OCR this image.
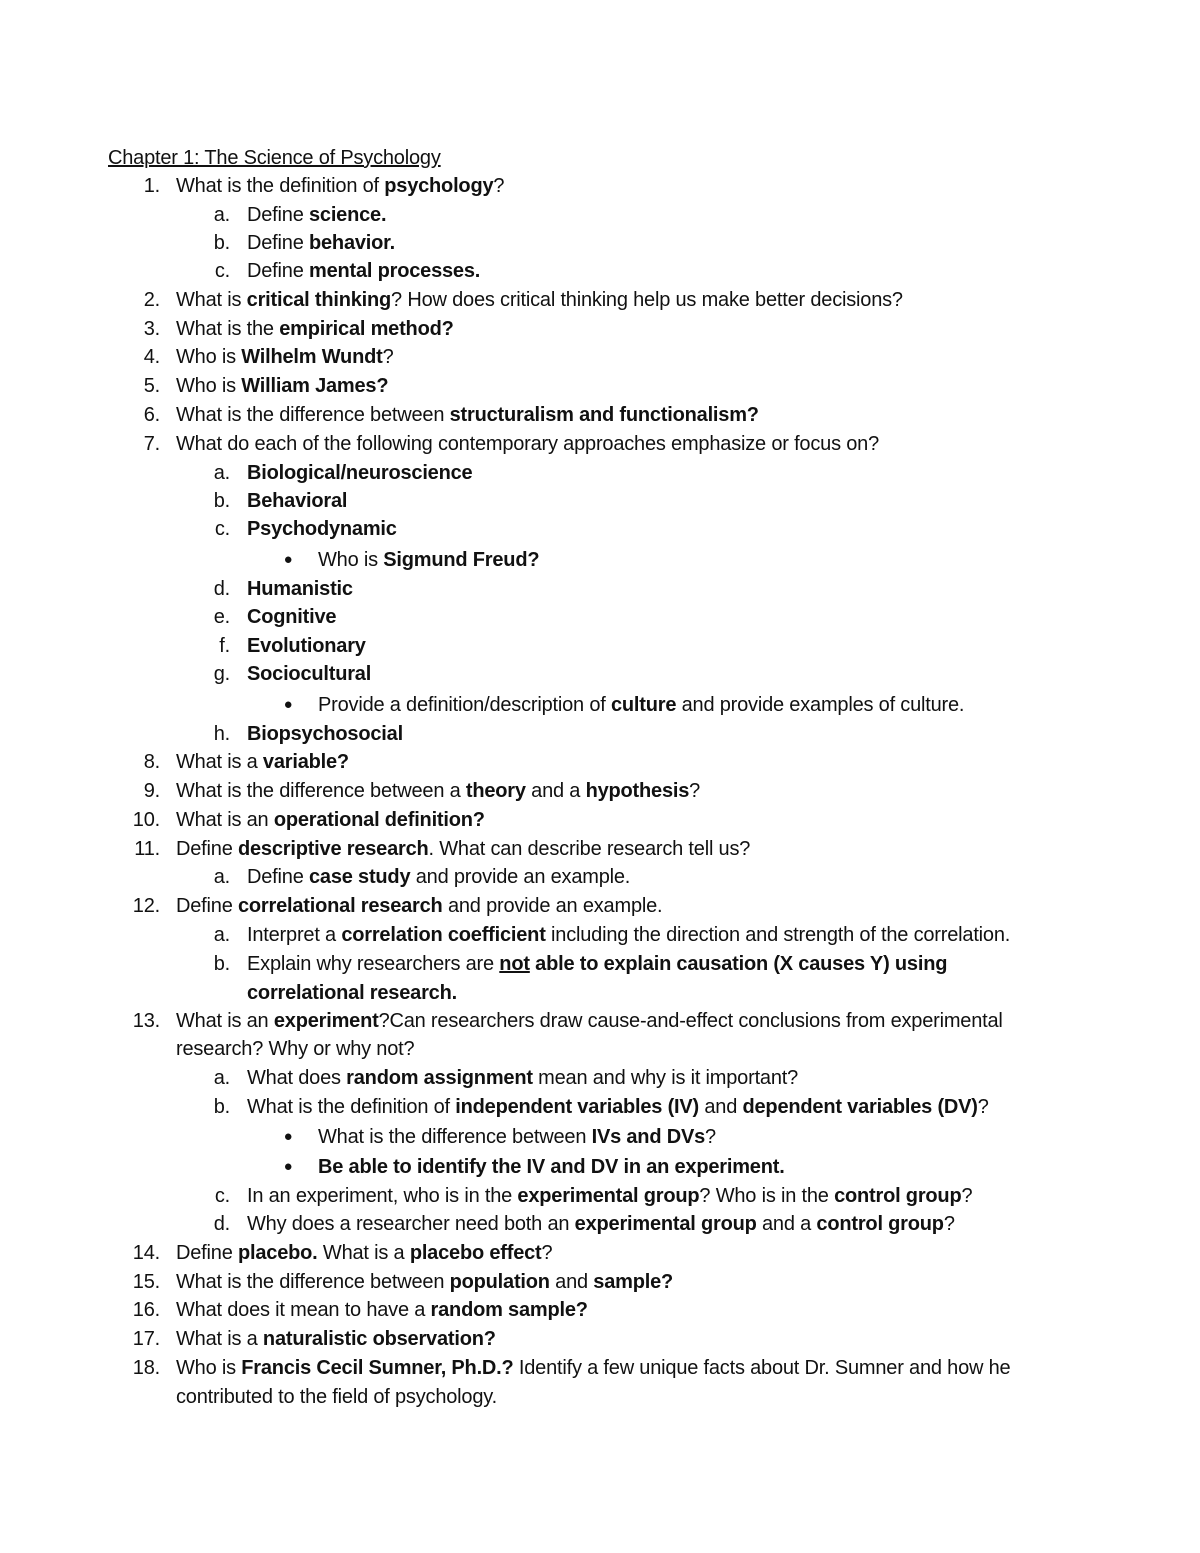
Chapter 1: The Science of Psychology
1. What is the definition of psychology?
a. Define science.
b. Define behavior.
c. Define mental processes.
2. What is critical thinking? How does critical thinking help us make better decisions?
3. What is the empirical method?
4. Who is Wilhelm Wundt?
5. Who is William James?
6. What is the difference between structuralism and functionalism?
7. What do each of the following contemporary approaches emphasize or focus on?
a. Biological/neuroscience
b. Behavioral
c. Psychodynamic
● Who is Sigmund Freud?
d. Humanistic
e. Cognitive
f. Evolutionary
g. Sociocultural
● Provide a definition/description of culture and provide examples of culture.
h. Biopsychosocial
8. What is a variable?
9. What is the difference between a theory and a hypothesis?
10. What is an operational definition?
11. Define descriptive research. What can describe research tell us?
a. Define case study and provide an example.
12. Define correlational research and provide an example.
a. Interpret a correlation coefficient including the direction and strength of the correlation.
b. Explain why researchers are not able to explain causation (X causes Y) using
correlational research.
13. What is an experiment?Can researchers draw cause-and-effect conclusions from experimental
research? Why or why not?
a. What does random assignment mean and why is it important?
b. What is the definition of independent variables (IV) and dependent variables (DV)?
● What is the difference between IVs and DVs?
● Be able to identify the IV and DV in an experiment.
c. In an experiment, who is in the experimental group? Who is in the control group?
d. Why does a researcher need both an experimental group and a control group?
14. Define placebo. What is a placebo effect?
15. What is the difference between population and sample?
16. What does it mean to have a random sample?
17. What is a naturalistic observation?
18. Who is Francis Cecil Sumner, Ph.D.? Identify a few unique facts about Dr. Sumner and how he
contributed to the field of psychology.
